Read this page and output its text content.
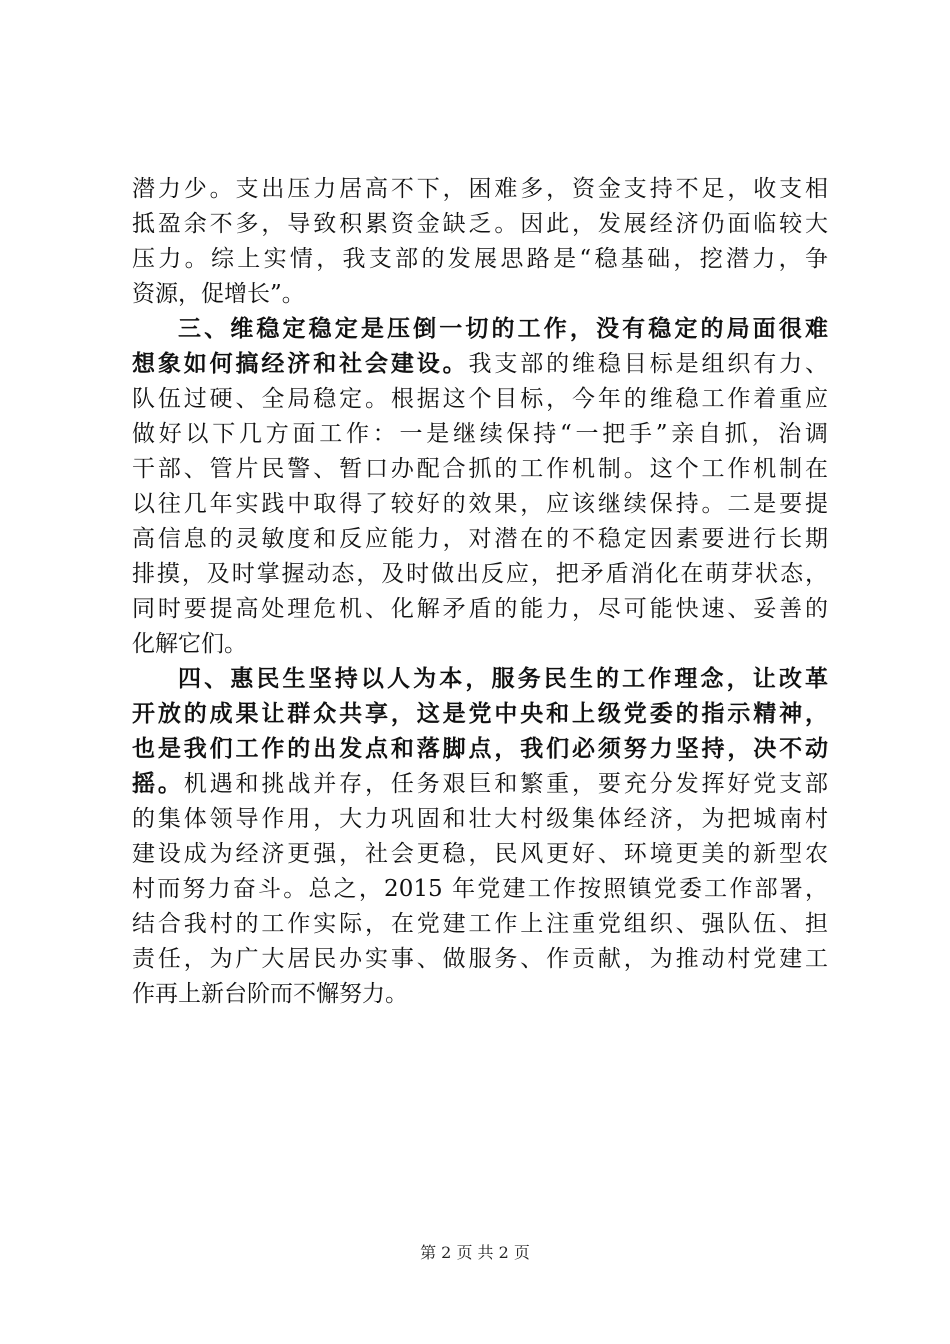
潜力少。支出压力居高不下，困难多，资金支持不足，收支相
抵盈余不多，导致积累资金缺乏。因此，发展经济仍面临较大
压力。综上实情，我支部的发展思路是“稳基础，挖潜力，争
资源，促增长”。
三、维稳定稳定是压倒一切的工作，没有稳定的局面很难
想象如何搞经济和社会建设。我支部的维稳目标是组织有力、
队伍过硬、全局稳定。根据这个目标，今年的维稳工作着重应
做好以下几方面工作：一是继续保持“一把手”亲自抓，治调
干部、管片民警、暂口办配合抓的工作机制。这个工作机制在
以往几年实践中取得了较好的效果，应该继续保持。二是要提
高信息的灵敏度和反应能力，对潜在的不稳定因素要进行长期
排摸，及时掌握动态，及时做出反应，把矛盾消化在萌芽状态，
同时要提高处理危机、化解矛盾的能力，尽可能快速、妥善的
化解它们。
四、惠民生坚持以人为本，服务民生的工作理念，让改革
开放的成果让群众共享，这是党中央和上级党委的指示精神，
也是我们工作的出发点和落脚点，我们必须努力坚持，决不动
摇。机遇和挑战并存，任务艰巨和繁重，要充分发挥好党支部
的集体领导作用，大力巩固和壮大村级集体经济，为把城南村
建设成为经济更强，社会更稳，民风更好、环境更美的新型农
村而努力奋斗。总之，2015 年党建工作按照镇党委工作部署，
结合我村的工作实际，在党建工作上注重党组织、强队伍、担
责任，为广大居民办实事、做服务、作贡献，为推动村党建工
作再上新台阶而不懈努力。
第 2 页 共 2 页
